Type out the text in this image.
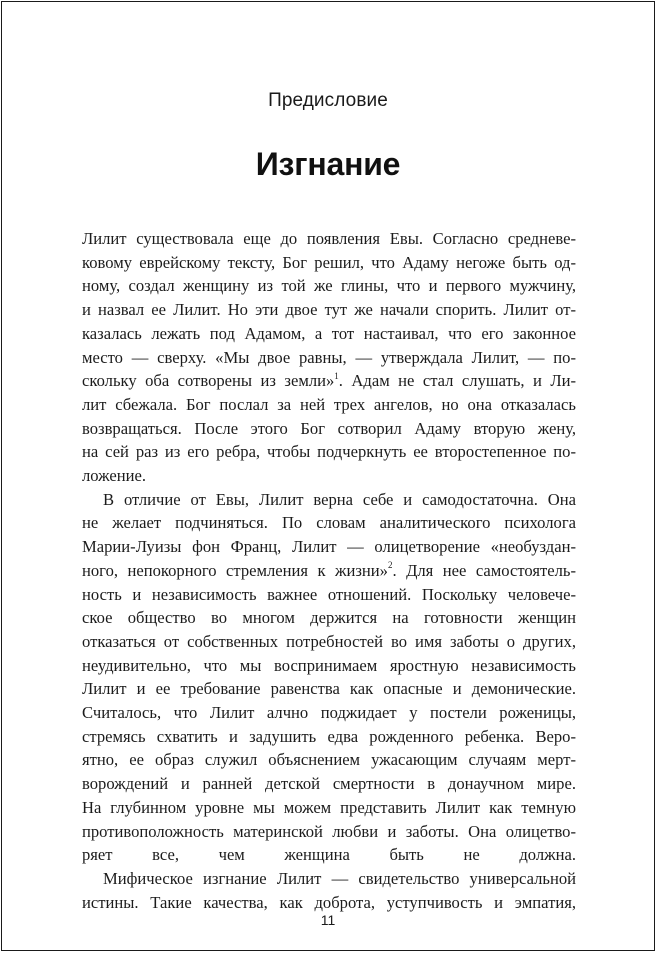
Предисловие
Изгнание

Лилит существовала еще до появления Евы. Согласно средневе-
ковому еврейскому тексту, Бог решил, что Адаму негоже быть од-
ному, создал женщину из той же глины, что и первого мужчину,
и назвал ее Лилит. Но эти двое тут же начали спорить. Лилит от-
казалась лежать под Адамом, а тот настаивал, что его законное
место — сверху. «Мы двое равны, — утверждала Лилит, — по-
скольку оба сотворены из земли»$^1$. Адам не стал слушать, и Ли-
лит сбежала. Бог послал за ней трех ангелов, но она отказалась
возвращаться. После этого Бог сотворил Адаму вторую жену,
на сей раз из его ребра, чтобы подчеркнуть ее второстепенное по-
ложение.

В отличие от Евы, Лилит верна себе и самодостаточна. Она
не желает подчиняться. По словам аналитического психолога
Марии-Луизы фон Франц, Лилит — олицетворение «необуздан-
ного, непокорного стремления к жизни»$^2$. Для нее самостоятель-
ность и независимость важнее отношений. Поскольку человече-
ское общество во многом держится на готовности женщин
отказаться от собственных потребностей во имя заботы о других,
неудивительно, что мы воспринимаем яростную независимость
Лилит и ее требование равенства как опасные и демонические.
Считалось, что Лилит алчно поджидает у постели роженицы,
стремясь схватить и задушить едва рожденного ребенка. Веро-
ятно, ее образ служил объяснением ужасающим случаям мерт-
ворождений и ранней детской смертности в донаучном мире.
На глубинном уровне мы можем представить Лилит как темную
противоположность материнской любви и заботы. Она олицетво-
ряет все, чем женщина быть не должна.

Мифическое изгнание Лилит — свидетельство универсальной
истины. Такие качества, как доброта, уступчивость и эмпатия,

11
